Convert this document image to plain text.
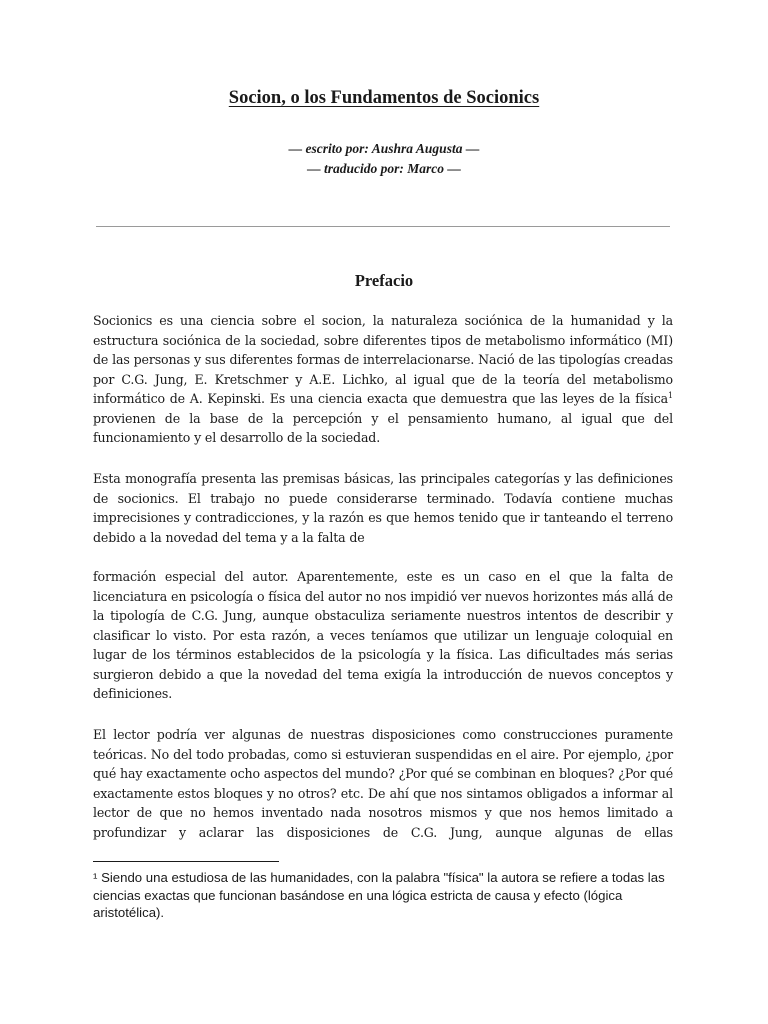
Socion, o los Fundamentos de Socionics
— escrito por: Aushra Augusta —
— traducido por: Marco —
Prefacio
Socionics es una ciencia sobre el socion, la naturaleza sociónica de la humanidad y la estructura sociónica de la sociedad, sobre diferentes tipos de metabolismo informático (MI) de las personas y sus diferentes formas de interrelacionarse. Nació de las tipologías creadas por C.G. Jung, E. Kretschmer y A.E. Lichko, al igual que de la teoría del metabolismo informático de A. Kepinski. Es una ciencia exacta que demuestra que las leyes de la física$^1$ provienen de la base de la percepción y el pensamiento humano, al igual que del funcionamiento y el desarrollo de la sociedad.
Esta monografía presenta las premisas básicas, las principales categorías y las definiciones de socionics. El trabajo no puede considerarse terminado. Todavía contiene muchas imprecisiones y contradicciones, y la razón es que hemos tenido que ir tanteando el terreno debido a la novedad del tema y a la falta de
formación especial del autor. Aparentemente, este es un caso en el que la falta de licenciatura en psicología o física del autor no nos impidió ver nuevos horizontes más allá de la tipología de C.G. Jung, aunque obstaculiza seriamente nuestros intentos de describir y clasificar lo visto. Por esta razón, a veces teníamos que utilizar un lenguaje coloquial en lugar de los términos establecidos de la psicología y la física. Las dificultades más serias surgieron debido a que la novedad del tema exigía la introducción de nuevos conceptos y definiciones.
El lector podría ver algunas de nuestras disposiciones como construcciones puramente teóricas. No del todo probadas, como si estuvieran suspendidas en el aire. Por ejemplo, ¿por qué hay exactamente ocho aspectos del mundo? ¿Por qué se combinan en bloques? ¿Por qué exactamente estos bloques y no otros? etc. De ahí que nos sintamos obligados a informar al lector de que no hemos inventado nada nosotros mismos y que nos hemos limitado a profundizar y aclarar las disposiciones de C.G. Jung, aunque algunas de ellas
¹ Siendo una estudiosa de las humanidades, con la palabra "física" la autora se refiere a todas las ciencias exactas que funcionan basándose en una lógica estricta de causa y efecto (lógica aristotélica).
